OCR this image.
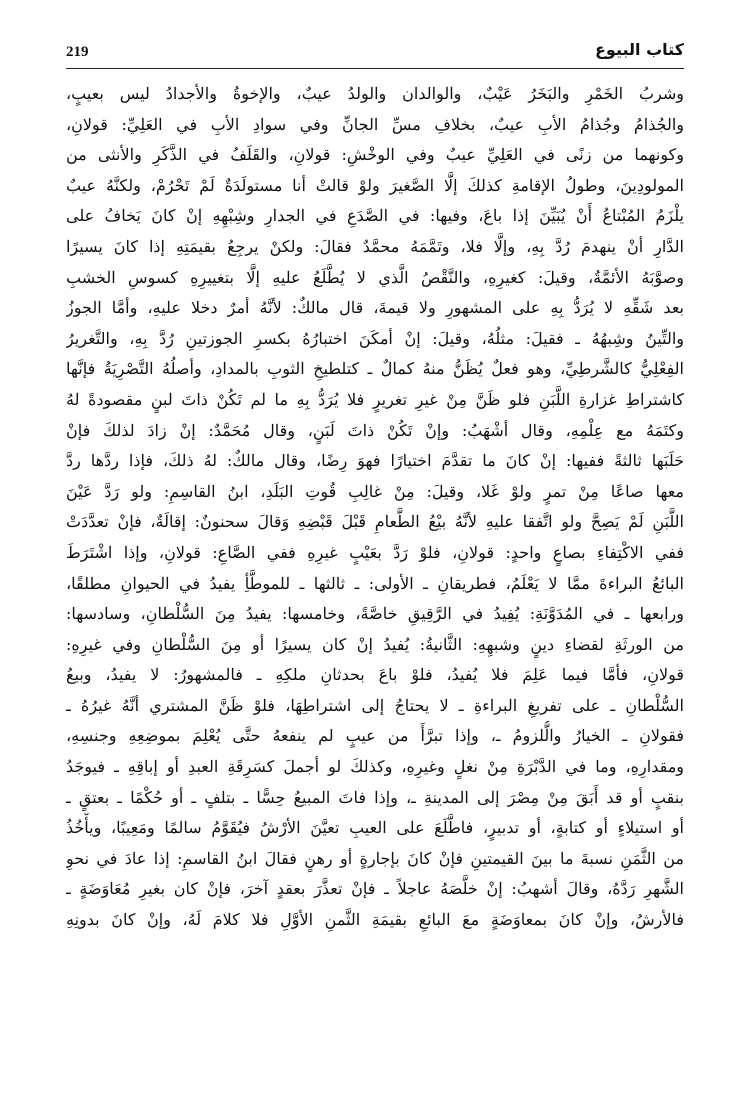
219	كتاب البيوع
وشربُ الخَمْرِ والبَخَرُ عَيْبٌ، والوالدان والولدُ عيبٌ، والإخوةُ والأجدادُ ليس بعيبٍ،
والجُذامُ وجُذامُ الأبِ عيبٌ، بخلافِ مسِّ الجانِّ وفي سوادِ الأبِ في العَلِيِّ: قولانِ،
وكونهما من زنًى في العَلِيِّ عيبٌ وفي الوخْشِ: قولانِ، والقَلَفُ في الذَّكَرِ والأنثى من
المولودِينَ، وطولُ الإقامةِ كذلكَ إلَّا الصَّغيرَ ولوْ قالتْ أنا مستولَدَةٌ لَمْ تَحْرُمْ، ولكنَّهُ عيبٌ
يلْزَمُ المُبْتاعُ أَنْ يُبَيِّنَ إذا باعَ، وفيها: في الصَّدَعِ في الجدارِ وشِبْهِهِ إنْ كانَ يَخافُ على
الدَّارِ أنْ ينهدمَ رُدَّ بِهِ، وإلَّا فلا، وتَمَّمَهُ محمَّدٌ فقالَ: ولكنْ يرجِعُ بقيمَتِهِ إذا كانَ يسيرًا
وصوَّبَهُ الأئمَّةُ، وقيلَ: كغيرِهِ، والنَّقْصُ الَّذي لا يُطَّلَعُ عليهِ إلَّا بتغييرِهِ كسوسِ الخشبِ
بعد شَقِّهِ لا يُرَدُّ بِهِ على المشهورِ ولا قيمةَ، قال مالكٌ: لأنَّهُ أمرٌ دخلا عليهِ، وأمَّا الجوزُ
والتِّينُ وشِبهُهُ ـ فقيلَ: مثلُهُ، وقيلَ: إنْ أمكَنَ اختبارُهُ بكسرِ الجوزتينِ رُدَّ بِهِ، والتَّغريرُ
الفِعْلِيُّ كالشَّرطِيِّ، وهو فعلٌ يُظَنُّ منهُ كمالٌ ـ كتلطيخِ الثوبِ بالمدادِ، وأصلُهُ التَّصْرِيَةُ فإنَّها
كاشتراطِ غزارةِ اللَّبَنِ فلو ظَنَّ مِنْ غيرِ تغريرٍ فلا يُرَدُّ بِهِ ما لم تَكُنْ ذاتَ لبنٍ مقصودةً لهُ
وكتَمَهُ مع عِلْمِهِ، وقال أشْهَبُ: وإنْ تَكُنْ ذاتَ لَبَنٍ، وقال مُحَمَّدٌ: إنْ زادَ لذلكَ فإنْ
حَلَبَها ثالثةً ففيها: إنْ كانَ ما تقدَّمَ اختيارًا فهوَ رِضًا، وقال مالكٌ: لهُ ذلكَ، فإذا ردَّها ردَّ
معها صاعًا مِنْ تمرٍ ولوْ غَلا، وقيلَ: مِنْ غالِبِ قُوتِ البَلَدِ، ابنُ القاسِمِ: ولو رَدَّ عَيْنَ
اللَّبَنِ لَمْ يَصِحَّ ولو اتَّفقا عليهِ لأنَّهُ بيْعُ الطَّعامِ قَبْلَ قَبْضِهِ وَقالَ سحنونٌ: إقالَةٌ، فإنْ تعدَّدَتْ
ففي الاكْتِفاءِ بصاعٍ واحدٍ: قولانِ، فلوْ رَدَّ بعَيْبٍ غيرِهِ ففي الصَّاعِ: قولانِ، وإذا اشْتَرَطَ
البائعُ البراءةَ ممَّا لا يَعْلَمُ، فطريقانِ ـ الأولى: ـ ثالثها ـ للموطَّأِ يفيدُ في الحيوانِ مطلقًا،
ورابعها ـ في المُدَوَّنَةِ: يُفِيدُ في الرَّقِيقِ خاصَّةً، وخامسها: يفيدُ مِنَ السُّلْطانِ، وسادسها:
من الورثَةِ لقضاءِ دينٍ وشبهِهِ: الثَّانيةُ: يُفيدُ إنْ كان يسيرًا أو مِنَ السُّلْطانِ وفي غيرِهِ:
قولانِ، فأمَّا فيما عَلِمَ فلا يُفيدُ، فلوْ باعَ بحدثانِ ملكِهِ ـ فالمشهورُ: لا يفيدُ، وبيعُ
السُّلْطانِ ـ على تفريغِ البراءةِ ـ لا يحتاجُ إلى اشتراطِهَا، فلوْ ظَنَّ المشتري أنَّهُ غيرُهُ ـ
فقولانِ ـ الخيارُ والُّلزومُ ـ، وإذا تبرَّأَ من عيبٍ لم ينفعهُ حتَّى يُعْلِمَ بموضِعِهِ وجنسِهِ،
ومقدارِهِ، وما في الدَّبْرَةِ مِنْ نغلٍ وغيرِهِ، وكذلكَ لو أجملَ كسَرِقَةِ العبدِ أو إباقِهِ ـ فيوجَدُ
بنقبٍ أو قد أَبَقَ مِنْ مِصْرَ إلى المدينةِ ـ، وإذا فاتَ المبيعُ حِسًّا ـ بتلفٍ ـ أو حُكْمًا ـ بعتقٍ ـ
أو استيلاءٍ أو كتابةٍ، أو تدبيرٍ، فاطَّلَعَ على العيبِ تعيَّنَ الأرْشُ فيُقَوَّمُ سالمًا ومَعِيبًا، ويأْخُذُ
من الثَّمَنِ نسبةَ ما بينَ القيمتينِ فإنْ كانَ بإجارةٍ أو رهنٍ فقالَ ابنُ القاسمِ: إذا عادَ في نحوِ
الشَّهرِ رَدَّهُ، وقالَ أشهبُ: إنْ خلَّصَهُ عاجلاً ـ فإنْ تعذَّرَ بعقدٍ آخرَ، فإنْ كان بغيرِ مُعَاوَضَةٍ ـ
فالأرشُ، وإنْ كانَ بمعاوَضَةٍ معَ البائعِ بقيمَةِ الثَّمنِ الأوَّلِ فلا كلامَ لَهُ، وإنْ كانَ بدونِهِ
